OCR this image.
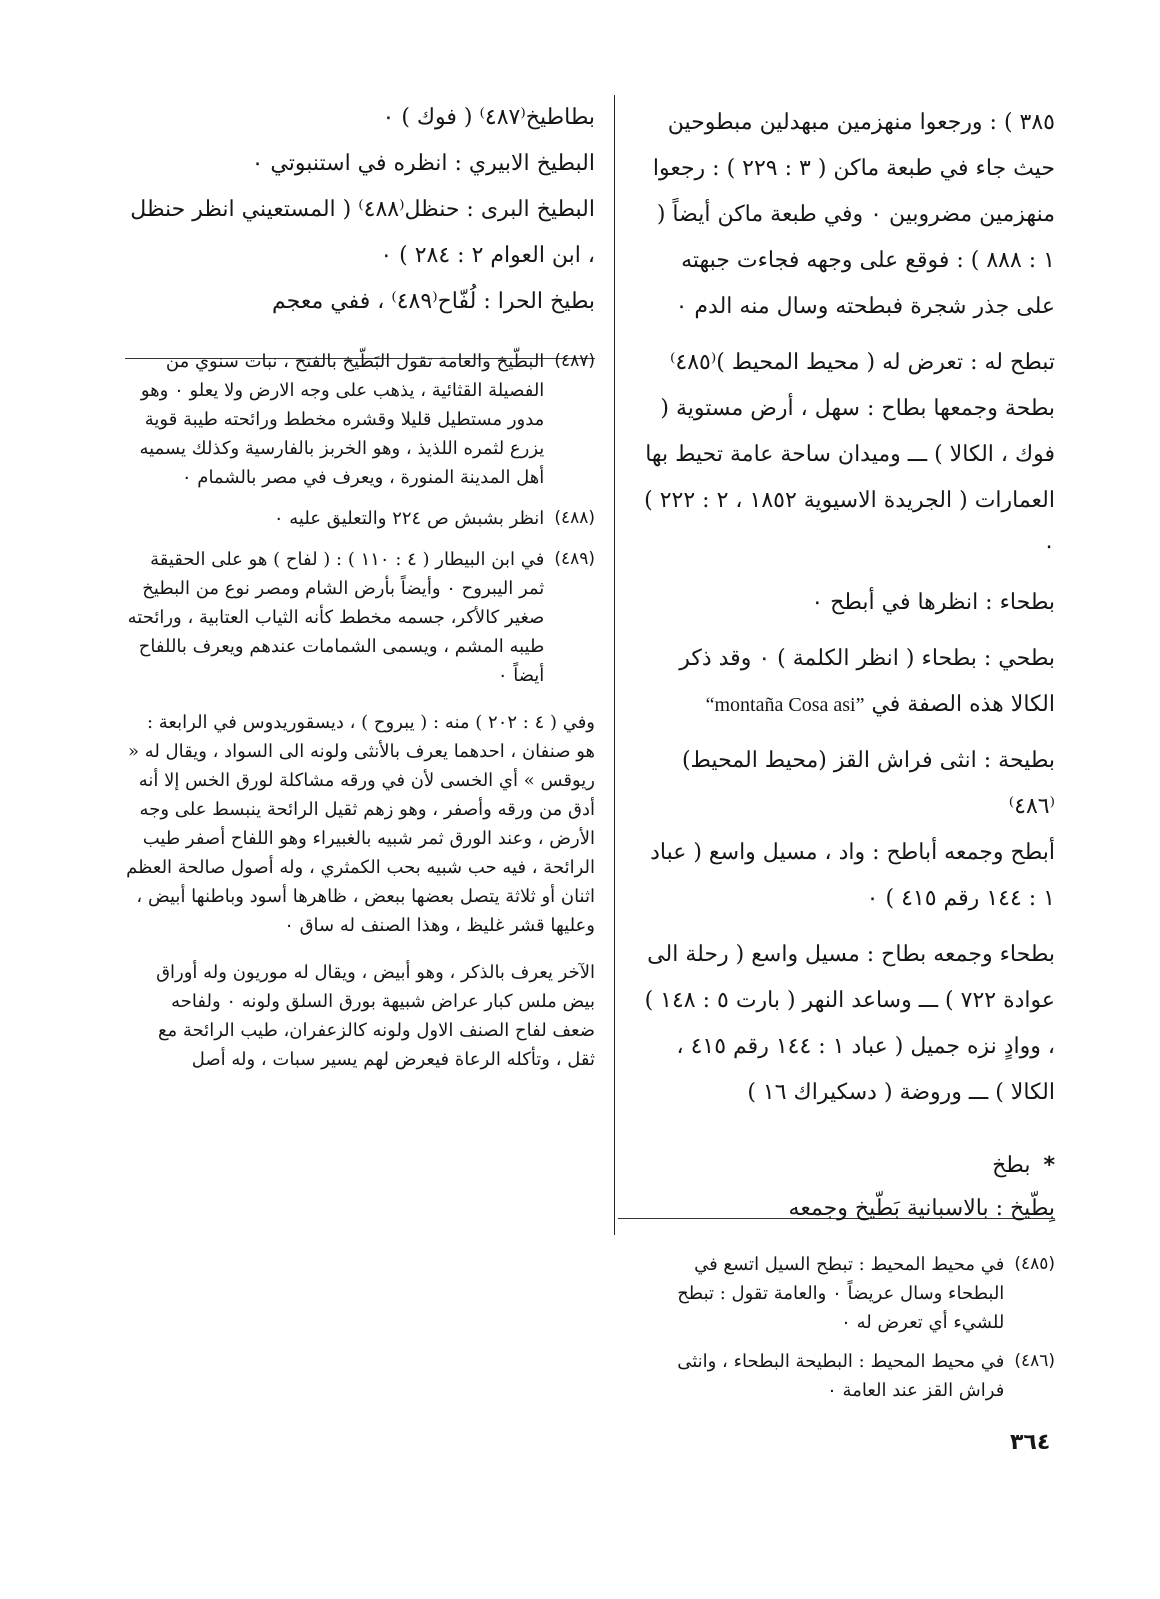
٣٨٥ ) : ورجعوا منهزمين مبهدلين مبطوحين حيث جاء في طبعة ماكن ( ٣ : ٢٢٩ ) : رجعوا منهزمين مضروبين ٠ وفي طبعة ماكن أيضاً ( ١ : ٨٨٨ ) : فوقع على وجهه فجاءت جبهته على جذر شجرة فبطحته وسال منه الدم ٠

تبطح له : تعرض له ( محيط المحيط )⁽٤٨٥⁾ بطحة وجمعها بطاح : سهل ، أرض مستوية ( فوك ، الكالا ) ـــ وميدان ساحة عامة تحيط بها العمارات ( الجريدة الاسيوية ١٨٥٢ ، ٢ : ٢٢٢ ) ٠

بطحاء : انظرها في أبطح ٠

بطحي : بطحاء ( انظر الكلمة ) ٠ وقد ذكر الكالا هذه الصفة في “montaña Cosa asi”

بطيحة : انثى فراش القز (محيط المحيط)⁽٤٨٦⁾

أبطح وجمعه أباطح : واد ، مسيل واسع ( عباد ١ : ١٤٤ رقم ٤١٥ ) ٠

بطحاء وجمعه بطاح : مسيل واسع ( رحلة الى عوادة ٧٢٢ ) ـــ وساعد النهر ( بارت ٥ : ١٤٨ ) ، ووادٍ نزه جميل ( عباد ١ : ١٤٤ رقم ٤١٥ ، الكالا ) ـــ وروضة ( دسكيراك ١٦ )

* بطخ

بِطّيخ : بالاسبانية بَطّيخ وجمعه

(٤٨٥)
في محيط المحيط : تبطح السيل اتسع في البطحاء وسال عريضاً ٠ والعامة تقول : تبطح للشيء أي تعرض له ٠

(٤٨٦)
في محيط المحيط : البطيحة البطحاء ، وانثى فراش القز عند العامة ٠

بطاطيخ⁽٤٨٧⁾ ( فوك ) ٠

البطيخ الابيري : انظره في استنبوتي ٠

البطيخ البرى : حنظل⁽٤٨٨⁾ ( المستعيني انظر حنظل ، ابن العوام ٢ : ٢٨٤ ) ٠

بطيخ الحرا : لُفّاح⁽٤٨٩⁾ ، ففي معجم

(٤٨٧)
البطّيخ والعامة تقول البَطّيخ بالفتح ، نبات سنوي من الفصيلة القثائية ، يذهب على وجه الارض ولا يعلو ٠ وهو مدور مستطيل قليلا وقشره مخطط ورائحته طيبة قوية يزرع لثمره اللذيذ ، وهو الخربز بالفارسية وكذلك يسميه أهل المدينة المنورة ، ويعرف في مصر بالشمام ٠

(٤٨٨)
انظر بشبش ص ٢٢٤ والتعليق عليه ٠

(٤٨٩)
في ابن البيطار ( ٤ : ١١٠ ) : ( لفاح ) هو على الحقيقة ثمر اليبروح ٠ وأيضاً بأرض الشام ومصر نوع من البطيخ صغير كالأكر، جسمه مخطط كأنه الثياب العتابية ، ورائحته طيبه المشم ، ويسمى الشمامات عندهم ويعرف باللفاح أيضاً ٠

وفي ( ٤ : ٢٠٢ ) منه : ( يبروح ) ، ديسقوريدوس في الرابعة : هو صنفان ، احدهما يعرف بالأنثى ولونه الى السواد ، ويقال له « ريوقس » أي الخسى لأن في ورقه مشاكلة لورق الخس إلا أنه أدق من ورقه وأصفر ، وهو زهم ثقيل الرائحة ينبسط على وجه الأرض ، وعند الورق ثمر شبيه بالغبيراء وهو اللفاح أصفر طيب الرائحة ، فيه حب شبيه بحب الكمثري ، وله أصول صالحة العظم اثنان أو ثلاثة يتصل بعضها ببعض ، ظاهرها أسود وباطنها أبيض ، وعليها قشر غليظ ، وهذا الصنف له ساق ٠

الآخر يعرف بالذكر ، وهو أبيض ، ويقال له موريون وله أوراق بيض ملس كبار عراض شبيهة بورق السلق ولونه ٠ ولفاحه ضعف لفاح الصنف الاول ولونه كالزعفران، طيب الرائحة مع ثقل ، وتأكله الرعاة فيعرض لهم يسير سبات ، وله أصل

٣٦٤
